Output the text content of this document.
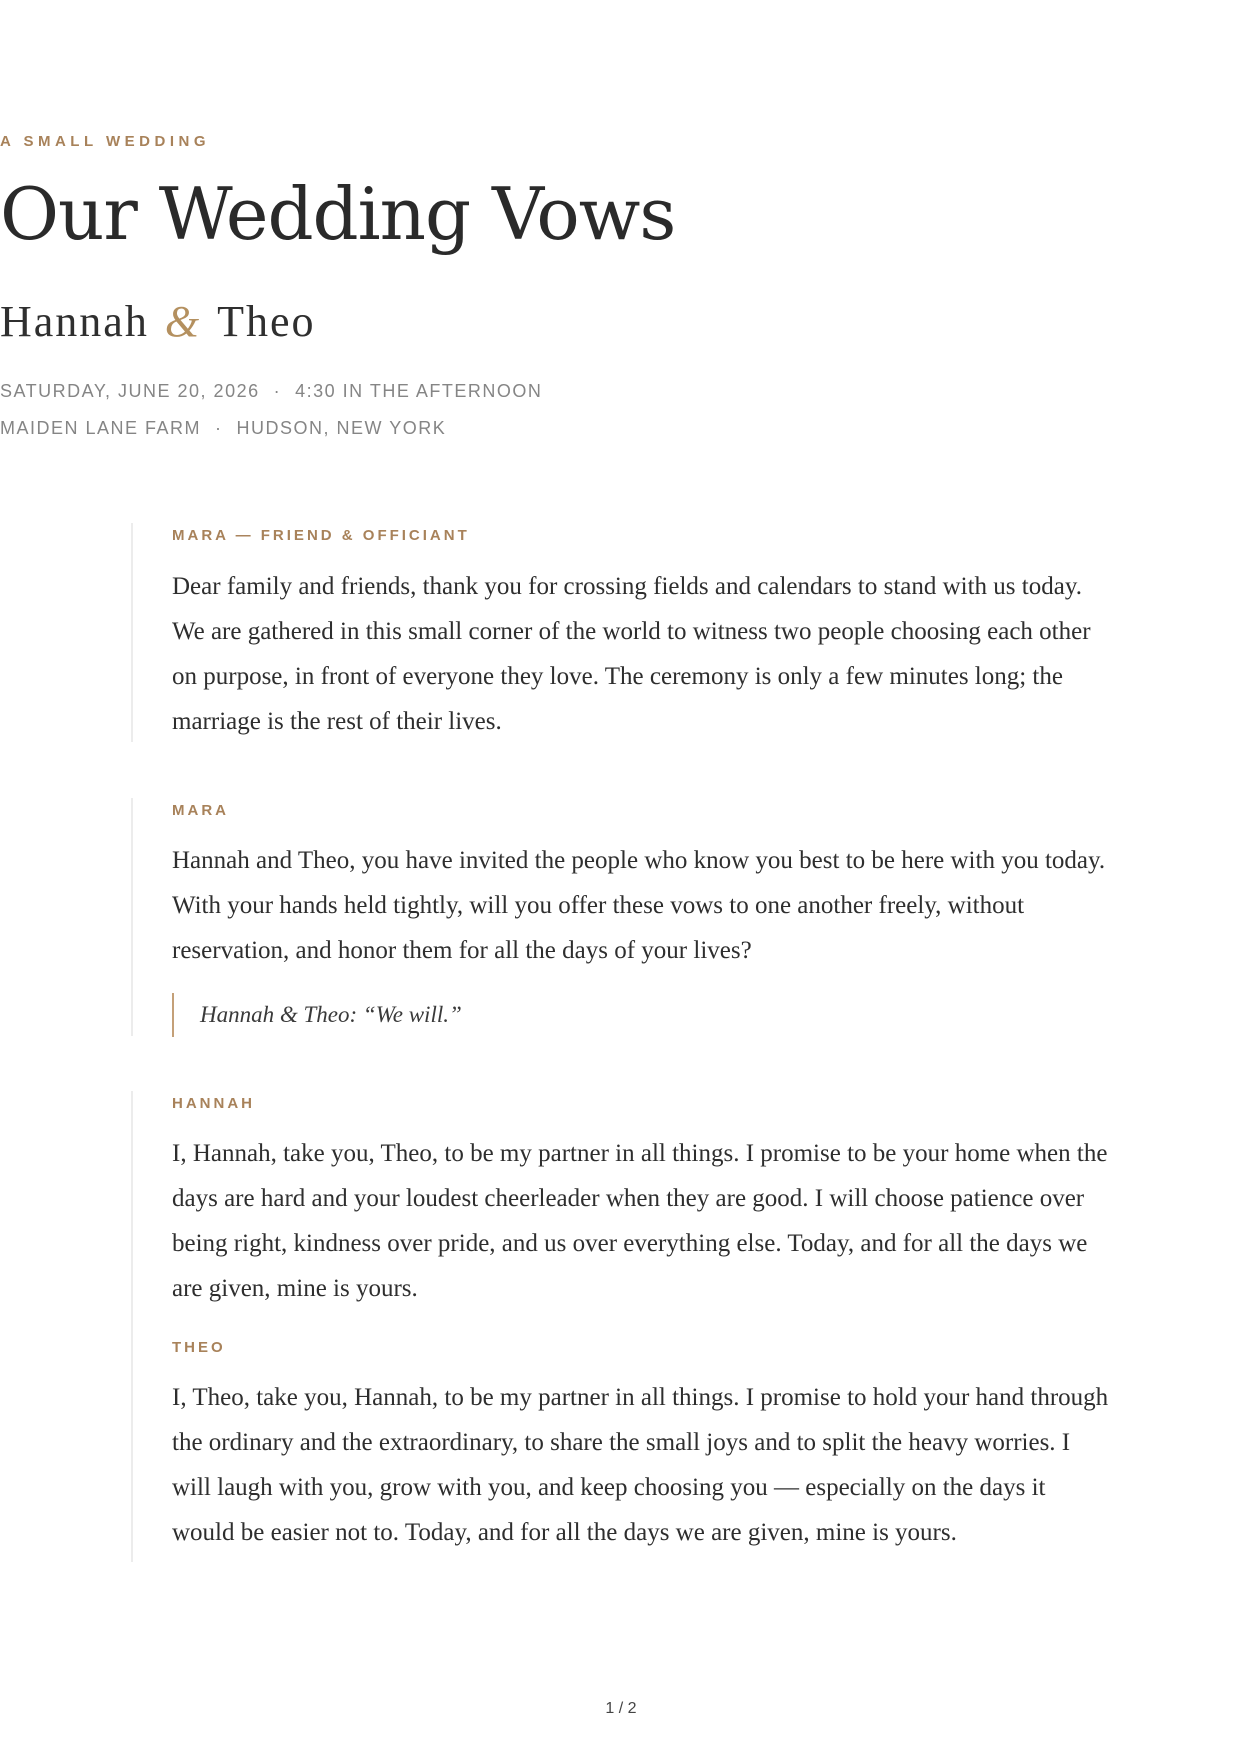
A SMALL WEDDING
Our Wedding Vows
Hannah & Theo
SATURDAY, JUNE 20, 2026 · 4:30 IN THE AFTERNOON
MAIDEN LANE FARM · HUDSON, NEW YORK

MARA — FRIEND & OFFICIANT

Dear family and friends, thank you for crossing fields and calendars to stand with us today. We are gathered in this small corner of the world to witness two people choosing each other on purpose, in front of everyone they love. The ceremony is only a few minutes long; the marriage is the rest of their lives.

MARA

Hannah and Theo, you have invited the people who know you best to be here with you today. With your hands held tightly, will you offer these vows to one another freely, without reservation, and honor them for all the days of your lives?

Hannah & Theo: “We will.”

HANNAH

I, Hannah, take you, Theo, to be my partner in all things. I promise to be your home when the days are hard and your loudest cheerleader when they are good. I will choose patience over being right, kindness over pride, and us over everything else. Today, and for all the days we are given, mine is yours.

THEO

I, Theo, take you, Hannah, to be my partner in all things. I promise to hold your hand through the ordinary and the extraordinary, to share the small joys and to split the heavy worries. I will laugh with you, grow with you, and keep choosing you — especially on the days it would be easier not to. Today, and for all the days we are given, mine is yours.

1 / 2
